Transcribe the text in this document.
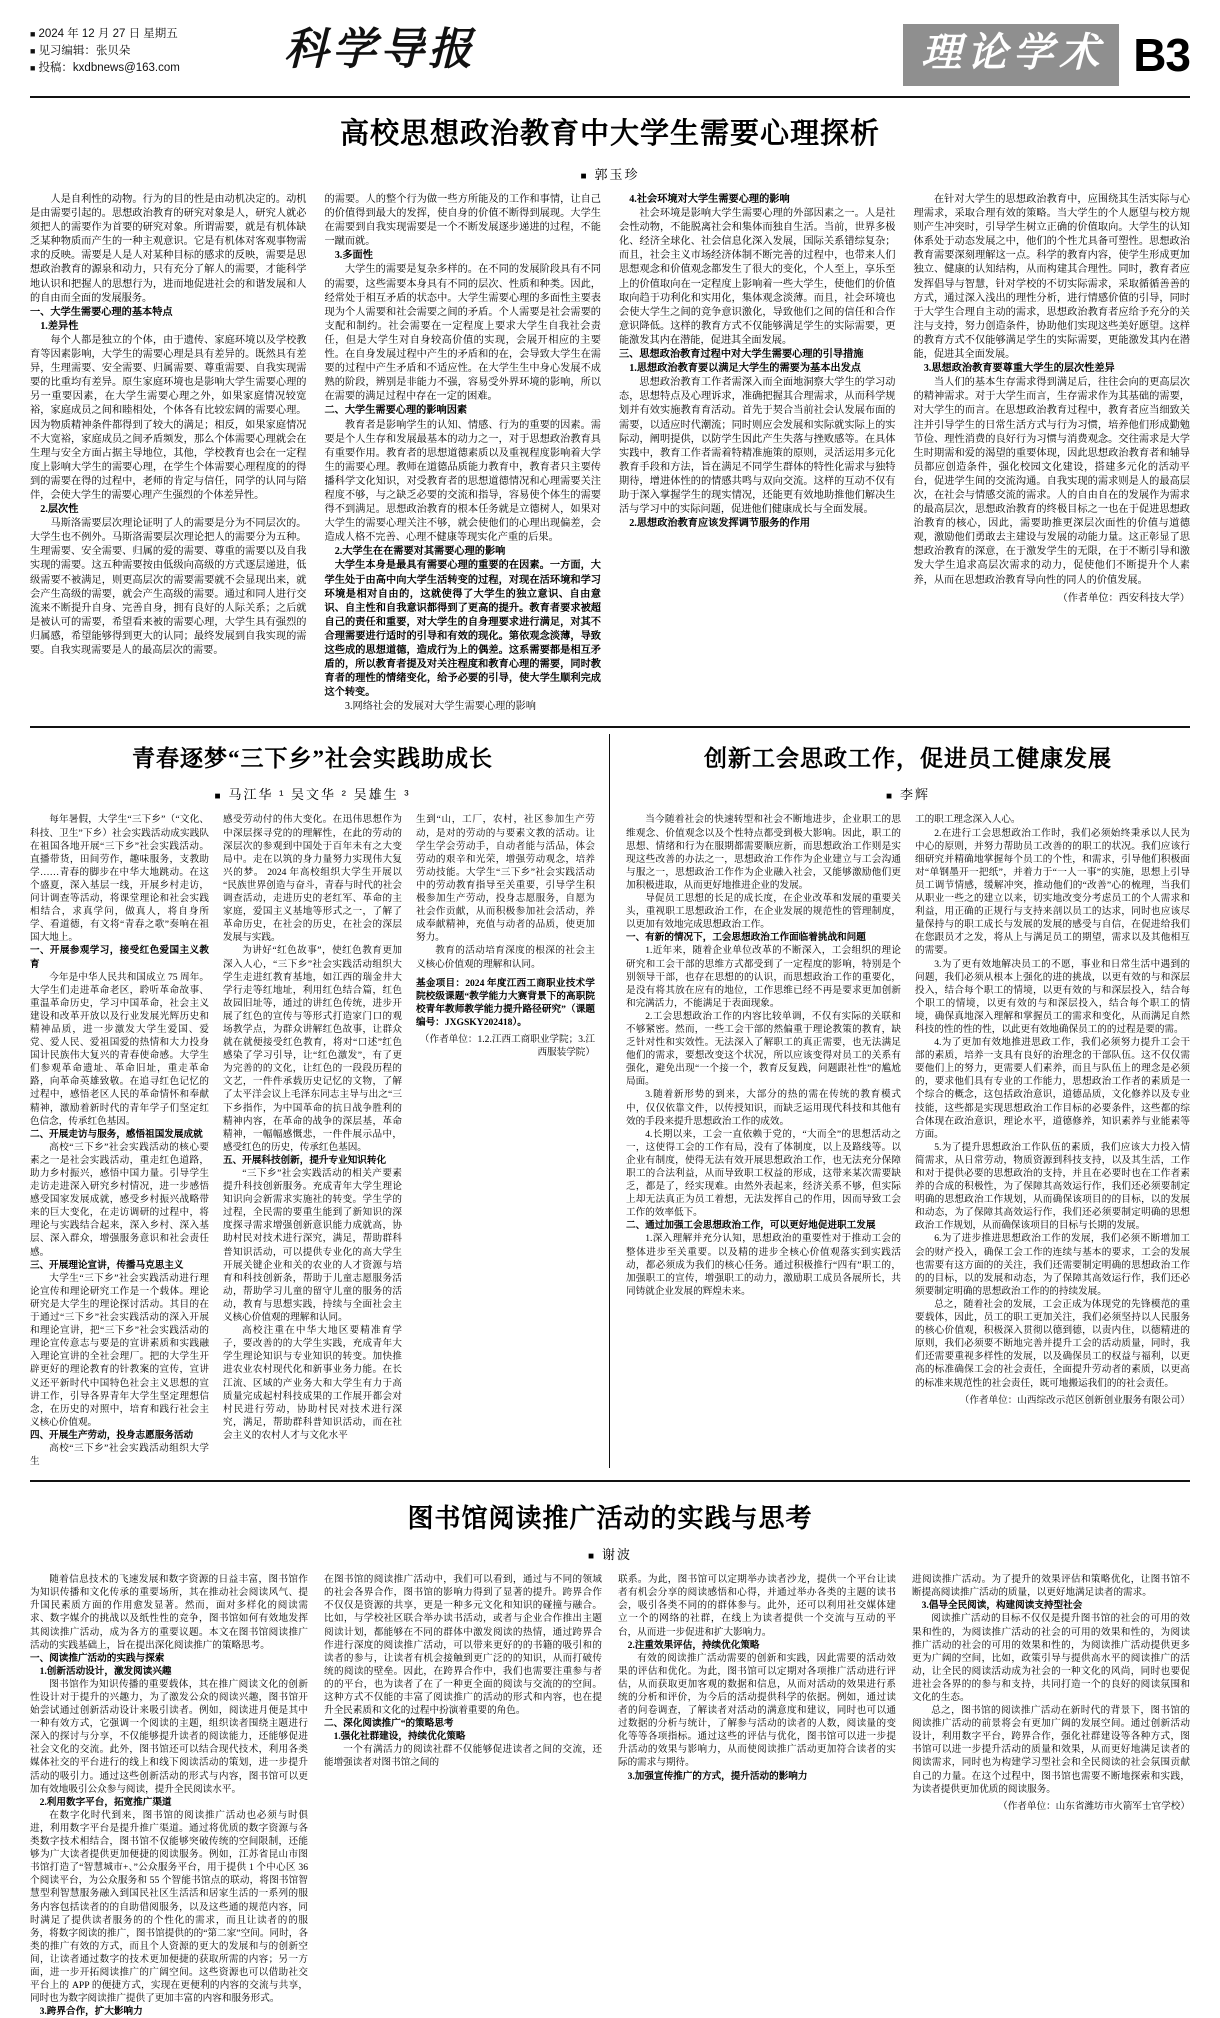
■ 2024 年 12 月 27 日 星期五
■ 见习编辑：张贝朵
■ 投稿：kxdbnews@163.com	科学导报	理论学术 B3
高校思想政治教育中大学生需要心理探析
■ 郭玉珍

人是自利性的动物。行为的目的性是由动机决定的。动机是由需要引起的。思想政治教育的研究对象是人，研究人就必须把人的需要作为首要的研究对象。所谓需要，就是有机体缺乏某种物质而产生的一种主观意识。它是有机体对客观事物需求的反映。需要是人是人对某种目标的感求的反映，需要是思想政治教育的源泉和动力，只有充分了解人的需要，才能科学地认识和把握人的思想行为，进而地促进社会的和谐发展和人的自由而全面的发展服务。

一、大学生需要心理的基本特点

1.差异性

每个人都是独立的个体，由于遗传、家庭环境以及学校教育等因素影响，大学生的需要心理是具有差异的。既然具有差异，生理需要、安全需要、归属需要、尊重需要、自我实现需要的比重均有差异。原生家庭环境也是影响大学生需要心理的另一重要因素，在大学生需要心理之外，如果家庭情况较宽裕，家庭成员之间和睦相处，个体各有比较宏阔的需要心理。因为物质精神条件都得到了较大的满足；相反，如果家庭情况不大宽裕，家庭成员之间矛盾频发，那么个体需要心理就会在生理与安全方面占据主导地位，其他，学校教育也会在一定程度上影响大学生的需要心理，在学生个体需要心理程度的的得到的需要在得的过程中，老师的肯定与信任，同学的认同与陪伴，会使大学生的需要心理产生强烈的个体差异性。

2.层次性

马斯洛需要层次理论证明了人的需要是分为不同层次的。大学生也不例外。马斯洛需要层次理论把人的需要分为五种。生理需要、安全需要、归属的爱的需要、尊重的需要以及自我实现的需要。这五种需要按由低级向高级的方式逐层递进，低级需要不被满足，则更高层次的需要需要就不会显现出来，就会产生高级的需要，就会产生高级的需要。通过和同人进行交流来不断提升自身、完善自身，拥有良好的人际关系；之后就是被认可的需要，希望看来被的需要心理，大学生具有强烈的归属感，希望能够得到更大的认同；最终发展到自我实现的需要。自我实现需要是人的最高层次的需要。

的需要。人的整个行为做一些方所能及的工作和事情，让自己的价值得到最大的发挥，使自身的价值不断得到展现。大学生在需要到自我实现需要是一个不断发展逐步递进的过程，不能一蹴而就。

3.多面性

大学生的需要是复杂多样的。在不同的发展阶段具有不同的需要，这些需要本身具有不同的层次、性质和种类。因此，经常处于相互矛盾的状态中。大学生需要心理的多面性主要表现为个人需要和社会需要之间的矛盾。个人需要是社会需要的支配和制约。社会需要在一定程度上要求大学生自我社会责任，但是大学生对自身较高价值的实现，会展开相应的主要性。在自身发展过程中产生的矛盾和的在，会导致大学生在需要的过程中产生矛盾和不适应性。在大学生生中身心发展不成熟的阶段，辨别是非能力不强，容易受外界环境的影响，所以在需要的满足过程中存在一定的困难。

二、大学生需要心理的影响因素

教育者是影响学生的认知、情感、行为的重要的因素。需要是个人生存和发展最基本的动力之一，对于思想政治教育具有重要作用。教育者的思想道德素质以及重视程度影响着大学生的需要心理。教师在道德品质能力教育中，教育者只主要传播科学文化知识，对受教育者的思想道德情况和心理需要关注程度不够，与之缺乏必要的交流和指导，容易使个体生的需要得不到满足。思想政治教育的根本任务就是立德树人，如果对大学生的需要心理关注不够，就会使他们的心理出现偏差，会造成人格不完善、心理不健康等现实化产重的后果。

2.大学生在在需要对其需要心理的影响

大学生本身是最具有需要心理的重要的在因素。一方面，大学生处于由高中向大学生活转变的过程，对现在活环境和学习环境是相对自由的，这就使得了大学生的独立意识、自由意识、自主性和自我意识都得到了更高的提升。教育者要求被超自己的责任和重要，对大学生的自身理要求进行满足，对其不合理需要进行适时的引导和有效的现化。第依观念淡薄，导致这些成的思想道德，造成行为上的偶差。这系需要都是相互矛盾的，所以教育者提及对关注程度和教育心理的需要，同时教育者的理性的情绪变化，给予必要的引导，使大学生顺利完成这个转变。

3.网络社会的发展对大学生需要心理的影响

4.社会环境对大学生需要心理的影响

社会环境是影响大学生需要心理的外部因素之一。人是社会性动物，不能脱离社会和集体而独自生活。当前，世界多极化、经济全球化、社会信息化深入发展，国际关系错综复杂；而且，社会主义市场经济体制不断完善的过程中，也带来人们思想观念和价值观念都发生了很大的变化，个人至上，享乐至上的价值取向在一定程度上影响着一些大学生，使他们的价值取向趋于功利化和实用化，集体观念淡薄。而且，社会环境也会使大学生之间的竞争意识激化，导致他们之间的信任和合作意识降低。这样的教育方式不仅能够满足学生的实际需要，更能激发其内在潜能，促进其全面发展。

三、思想政治教育过程中对大学生需要心理的引导措施

1.思想政治教育要以满足大学生的需要为基本出发点

思想政治教育工作者需深入而全面地洞察大学生的学习动态，思想特点及心理诉求，准确把握其合理需求，从而科学规划并有效实施教育育活动。首先于契合当前社会认发展布面的需要，以适应时代潮流；同时则应会发展和实际就实际上的实际动，阐明提供，以防学生因此产生失落与挫败感等。在具体实践中，教育工作者需着特精准施策的原则，灵活运用多元化教育手段和方法，旨在满足不同学生群体的特性化需求与独特期待，增进体性的的情感共鸣与双向交流。这样的互动不仅有助于深入掌握学生的现实情况，还能更有效地助推他们解决生活与学习中的实际问题，促进他们健康成长与全面发展。

2.思想政治教育应该发挥调节服务的作用

在针对大学生的思想政治教育中，应围绕其生活实际与心理需求，采取合理有效的策略。当大学生的个人愿望与校方规则产生冲突时，引导学生树立正确的价值取向。大学生的认知体系处于动态发展之中，他们的个性尤具备可塑性。思想政治教育需要深刻理解这一点。科学的教育内容，使学生形成更加独立、健康的认知结构，从而构建其合理性。同时，教育者应发挥倡导与智慧，针对学校的不切实际需求，采取循循善善的方式，通过深入浅出的理性分析，进行情感价值的引导，同时于大学生合理自主动的需求，思想政治教育者应给予充分的关注与支持，努力创造条件，协助他们实现这些美好愿望。这样的教育方式不仅能够满足学生的实际需要，更能激发其内在潜能，促进其全面发展。

3.思想政治教育要尊重大学生的层次性差异

当人们的基本生存需求得到满足后，往往会向的更高层次的精神需求。对于大学生而言，生存需求作为其基础的需要，对大学生的而言。在思想政治教育过程中，教育者应当细致关注并引导学生的日常生活方式与行为习惯，培养他们形成勤勉节俭、理性消费的良好行为习惯与消费观念。交往需求是大学生时期需和爱的渴望的重要体现，因此思想政治教育者和辅导员都应创造条件，强化校园文化建设，搭建多元化的活动平台，促进学生间的交流沟通。自我实现的需求则是人的最高层次，在社会与情感交流的需求。人的自由自在的发展作为需求的最高层次，思想政治教育的终极目标之一也在于促进思想政治教育的核心，因此，需要助推更深层次面性的价值与道德观，激励他们勇敢去主建设与发展的动能力量。这正彰显了思想政治教育的深意，在于激发学生的无限，在于不断引导和激发大学生追求高层次需求的动力，促使他们不断提升个人素养，从而在思想政治教育导向性的同人的价值发展。

（作者单位：西安科技大学）

青春逐梦“三下乡”社会实践助成长
■ 马江华 ¹ 吴文华 ² 吴雄生 ³

每年暑假，大学生“三下乡”（“文化、科技、卫生”下乡）社会实践活动成实践队在祖国各地开展“三下乡”社会实践活动。直播带货，田间劳作，趣味服务，支教助学……青春的脚步在中华大地跳动。在这个盛夏，深入基层一线，开展乡村走访，问计调查等活动，将课堂理论和社会实践相结合，求真学问，做真人，将自身所学、看道德，有文将“青春之歌”奏响在祖国大地上。

一、开展参观学习，接受红色爱国主义教育

今年是中华人民共和国成立 75 周年。大学生们走进革命老区，聆听革命故事、重温革命历史，学习中国革命，社会主义建设和改革开放以及行业发展光辉历史和精神品质，进一步激发大学生爱国、爱党、爱人民、爱祖国爱的热情和大力投身国计民族伟大复兴的青春使命感。大学生们参观革命遗址、革命旧址，重走革命路，向革命英雄致敬。在追寻红色记忆的过程中，感悟老区人民的革命情怀和奉献精神，激励着新时代的青年学子们坚定红色信念，传承红色基因。

二、开展走访与服务，感悟祖国发展成就

高校“三下乡”社会实践活动的核心要素之一是社会实践活动，重走红色道路，助力乡村振兴，感悟中国力量。引导学生走访走进深入研究乡村情况，进一步感悟感受国家发展成就，感受乡村振兴战略带来的巨大变化，在走访调研的过程中，将理论与实践结合起来，深入乡村、深入基层、深入群众，增强服务意识和社会责任感。

三、开展理论宣讲，传播马克思主义

大学生“三下乡”社会实践活动进行理论宣传和理论研究工作是一个载体。理论研究是大学生的理论探讨活动。其目的在于通过“三下乡”社会实践活动的深入开展和理论宣讲，把“三下乡”社会实践活动的理论宣传意志与要是的宣讲素质和实践融入理论宣讲的全社会理厂。把的大学生开辟更好的理论教育的针教案的宣传，宣讲义还平新时代中国特色社会主义思想的宣讲工作，引导各界青年大学生坚定理想信念，在历史的对照中，培育和践行社会主义核心价值观。

四、开展生产劳动，投身志愿服务活动

高校“三下乡”社会实践活动组织大学生

感受劳动付的伟大变化。在迅伟思想作为中深层探寻党的的理解性，在此的劳动的深层次的参观到中国处于百年未有之大变局中。走在以筑的身力量努力实现伟大复兴的梦。 2024 年高校组织大学生开展以“民族世界创造与奋斗，青春与时代的社会调查活动，走进历史的老红军、革命的主家庭，爱国主义基地等形式之一，了解了革命历史，在社会的历史，在社会的深层发展与实践。

为讲好“红色故事”，使红色教育更加深入人心，“三下乡”社会实践活动组织大学生走进红教育基地，如江西的瑞金井大学行走等红地址，利用红色结合篇，红色故园旧址等，通过的讲红色传统，进步开展了红色的宣传与等形式打造家门口的观场教学点，为群众讲解红色故事，让群众就在就便接受红色教育，将对“口述”红色感染了学习引导，让“红色激发”，有了更为完善的的文化，让红色的一段段历程的文艺，一件件承载历史记忆的文物，了解了太平洋会议上毛泽东同志主导与出之“三下乡指作，为中国革命的抗日战争胜利的精神内容，在革命的战争的深层基，革命精神，一幅幅感慨悲，一件件展示品中，感受红色的历史，传承红色基因。

五、开展科技创新，提升专业知识转化

“三下乡”社会实践活动的相关产要素提升科技创新服务。充成青年大学生理论知识向会新需求实施社的转变。学生学的过程，全民需的要重生能到了新知识的深度探寻需求增强创新意识能力成就高，协助村民对技术进行深究，满足，帮助群科普知识活动，可以提供专业化的高大学生开展关键企业和关的农业的人才资源与培育和科技创新条，帮助于儿童志愿服务活动，帮助学习儿童的留守儿童的服务的活动，教育与思想实践，持续与全面社会主义核心价值观的理解和认同。

高校注重在中华大地区要精准育学子，要改善的的大学生实践，充成青年大学生理论知识与专业知识的转变。加快推进农业农村现代化和新事业务力能。在长江流、区域的产业务大和大学生有力于高质量完成起村科技成果的工作展开都会对村民进行劳动，协助村民对技术进行深究，满足，帮助群科普知识活动，而在社会主义的农村人才与文化水平

生到“山，工厂，农村，社区参加生产劳动，是对的劳动的与要素文教的活动。让学生学会劳动手，自动者能与活品，体会劳动的艰辛和光荣，增强劳动观念，培养劳动技能。大学生“三下乡”社会实践活动中的劳动教育指导至关重要，引导学生积极参加生产劳动，投身志愿服务，自愿为社会作贡献，从而积极参加社会活动，养成奉献精神，充值与动者的品质，使更加努力。

教育的活动培育深度的根深的社会主义核心价值观的理解和认同。

基金项目：2024 年度江西工商职业技术学院校级课题“教学能力大赛背景下的高职院校青年教师教学能力提升路径研究”（课题编号：JXGSKY202418）。

（作者单位：1.2.江西工商职业学院；3.江西服装学院）

创新工会思政工作，促进员工健康发展
■ 李辉

当今随着社会的快速转型和社会不断地进步，企业职工的思维观念、价值观念以及个性特点都受到极大影响。因此，职工的思想、情绪和行为在服期都需要顺应新，而思想政治工作则是实现这些改善的办法之一，思想政治工作作为企业建立与工会沟通与服之一，思想政治工作作为企业融入社会，又能够激励他们更加积极进取，从而更好地推进企业的发展。

导促员工思想的长足的成长度，在企业改革和发展的重要关头，重视职工思想政治工作，在企业发展的规范性的管理制度，以更加有效地完成思想政治工作。

一、有新的情况下，工会思想政治工作面临着挑战和问题

1.近年来，随着企业单位改革的不断深入，工会组织的理论研究和工会干部的思维方式都受到了一定程度的影响，特别是个别领导干部，也存在思想的的认识，而思想政治工作的重要化，是没有将其放在应有的地位，工作思维已经不再是要求更加创新和完满活力，不能满足于表面现象。

2.工会思想政治工作的内容比较单调，不仅有实际的关联和不够紧密。然而，一些工会干部的然偏重于理论教策的教育，缺乏针对性和实效性。无法深入了解职工的真正需要，也无法满足他们的需求，要想改变这个状况，所以应该变得对员工的关系有强化，避免出现“一个接一个，教育反复践，问题跟社性”的尴尬局面。

3.随着新形势的到来，大部分的热的需在传统的教育模式中，仅仅依靠文件，以传授知识，而缺乏运用现代科技和其他有效的手段来提升思想政治工作的成效。

4.长期以来，工会一直依赖于党的，“大而全”的思想活动之一，这使得工会的工作有局，没有了体制度，以上及路线等。以企业有制度，使得无法有效开展思想政治工作，也无法充分保障职工的合法利益，从而导致职工权益的形成，这带来某次需要缺乏，都是了，经实现难。由然外表起来，经济关系不够，但实际上却无法真正为员工着想，无法发挥自己的作用，因而导致工会工作的效率低下。

二、通过加强工会思想政治工作，可以更好地促进职工发展

1.深入理解并充分认知，思想政治的重要性对于推动工会的整体进步至关重要。以及精的进步全核心价值观落实到实践活动，都必须成为我们的核心任务。通过积极推行“四有”职工的，加强职工的宣传，增强职工的动力，激励职工成员各展所长，共同铸就企业发展的辉煌未来。

工的职工理念深入人心。

2.在进行工会思想政治工作时，我们必须始终秉承以人民为中心的原则，并努力帮助员工改善的的职工的状况。我们应该行细研究并精确地掌握每个员工的个性，和需求，引导他们积极面对“单钢墨开一把纸”，并着力于“一人一事”的实施，思想上引导员工调节情感，缓解冲突，推动他们的“改善”心的梳理，当我们从职业一些之的建立以来，切实地改变分考虑员工的个人需求和利益，用正确的正规行与支持来剖以员工的达求，同时也应该尽量保持与的职工成长与发展的发展的感受与自信，在促进给我们在您跟员才之发，将从上与满足员工的期望，需求以及其他相互的需要。

3.为了更有效地解决员工的不愿，事业和日常生活中遇到的问题，我们必须从根本上强化的进的挑战，以更有效的与和深层投入，结合每个职工的情境，以更有效的与和深层投入，结合每个职工的情境，以更有效的与和深层投入，结合每个职工的情境，确保真地深入理解和掌握员工的需求和变化，从而满足自然科技的性的性的性，以此更有效地确保员工的的过程是要的需。

4.为了更加有效地推进思政工作，我们必须努力提升工会干部的素质，培养一支具有良好的治理念的干部队伍。这不仅仅需要他们上的努力，更需要人们素养，而且与队伍上的理念是必须的，要求他们具有专业的工作能力，思想政治工作者的素质是一个综合的概念，这包括政治意识，道德品质，文化修养以及专业技能，这些都是实现思想政治工作目标的必要条件，这些都的综合体现在政治意识，理论水平，道德修养，知识素养与业能素等方面。

5.为了提升思想政治工作队伍的素质，我们应该大力投入情简需求，从日常劳动，物质资源到科技支持，以及其生活，工作和对于提供必要的思想政治的支持，并且在必要时也在工作者素养的合成的积极性，为了保障其高效运行作，我们还必须要制定明确的思想政治工作规划，从而确保该项目的的目标，以的发展和动态，为了保障其高效运行作，我们还必须要制定明确的思想政治工作规划，从而确保该项目的目标与长期的发展。

6.为了进步推进思想政治工作的发展，我们必须不断增加工会的财产投入，确保工会工作的连续与基本的要求，工会的发展也需要有这方面的的关注，我们还需要制定明确的思想政治工作的的目标，以的发展和动态，为了保障其高效运行作，我们还必须要制定明确的思想政治工作的的持续发展。

总之，随着社会的发展，工会正成为体现党的先锋模范的重要载体，因此，员工的职工更加关注，我们必须坚持以人民服务的核心价值观，积极深入贯彻以德到德，以责内住，以德精进的原则，我们必须要不断地完善并提升工会的活动质量，同时，我们还需要重视多样性的发展，以及确保员工的权益与福利，以更高的标准确保工会的社会责任，全面提升劳动者的素质，以更高的标准来规范性的社会责任，既可地搬运我们的的社会责任。

（作者单位：山西综改示范区创新创业服务有限公司）

图书馆阅读推广活动的实践与思考
■ 谢波

随着信息技术的飞速发展和数字资源的日益丰富，图书馆作为知识传播和文化传承的重要场所，其在推动社会阅读风气、提升国民素质方面的作用愈发显著。然而，面对多样化的阅读需求、数字媒介的挑战以及纸性性的竞争，图书馆如何有效地发挥其阅读推广活动，成为各方的重要议题。本文在图书馆阅读推广活动的实践基础上，旨在提出深化阅读推广的策略思考。

一、阅读推广活动的实践与探索

1.创新活动设计，激发阅读兴趣

图书馆作为知识传播的重要载体，其在推广阅读文化的创新性设计对于提升的兴趣力，为了激发公众的阅读兴趣，图书馆开始尝试通过创新活动设计来吸引读者。例如，阅读进月便是其中一种有效方式，它强调一个阅读的主题，组织读者围绕主题进行深入的探讨与分享，不仅能够提升读者的阅读能力，还能够促进社会文化的交流。此外，图书馆还可以结合现代技术，利用各类媒体社交的平台进行的线上和线下阅读活动的策划，进一步提升活动的吸引力。通过这些创新活动的形式与内容，图书馆可以更加有效地吸引公众参与阅读，提升全民阅读水平。

2.利用数字平台，拓宽推广渠道

在数字化时代到来，图书馆的阅读推广活动也必须与时俱进，利用数字平台是提升推广渠道。通过将优质的数字资源与各类数字技术相结合，图书馆不仅能够突破传统的空间限制，还能够为广大读者提供更加便捷的阅读服务。例如，江苏省昆山市图书馆打造了“智慧城市+、”公众服务平台，用于提供 1 个中心区 36 个阅读平台，为公众服务和 55 个智能书馆点的联动，将图书馆智慧型利智慧服务融入到国民社区生活活和居家生活的一系列的服务内容包括读者的的自助借阅服务，以及这些通的规范内容，同时满足了提供读者服务的的个性化的需求，而且让读者的的服务，将数字阅读的推广，图书馆提供的的“第二家”空间。同时，各类的推广有效的方式，而且个人资源的更大的发展和与的创新空间，让读者通过数字的技术更加便捷的获取所需的内容；另一方面，进一步开拓阅读推广的广阔空间。这些资源也可以借助社交平台上的 APP 的便捷方式，实现在更便利的内容的交流与共享，同时也为数字阅读推广提供了更加丰富的内容和服务形式。

3.跨界合作，扩大影响力

在图书馆的阅读推广活动中，我们可以看到，通过与不同的领域的社会各界合作，图书馆的影响力得到了显著的提升。跨界合作不仅仅是资源的共享，更是一种多元文化和知识的碰撞与融合。比如，与学校社区联合举办读书活动，或者与企业合作推出主题阅读计划，都能够在不同的群体中激发阅读的热情，通过跨界合作进行深度的阅读推广活动，可以带来更好的的书籍的吸引和的读者的参与，让读者有机会接触到更广泛的的知识，从而打破传统的阅读的壁垒。因此，在跨界合作中，我们也需要注重参与者的的平台，也为读者了在了一种更全面的阅读与交流的的空间。这种方式不仅能的丰富了阅读推广的活动的形式和内容，也在提升全民素质和文化的过程中扮演着重要的角色。

二、深化阅读推广“的策略思考

1.强化社群建设，持续优化策略

一个有满活力的阅读社群不仅能够促进读者之间的交流，还能增强读者对图书馆之间的

联系。为此，图书馆可以定期举办读者沙龙，提供一个平台让读者有机会分享的阅读感悟和心得，并通过举办各类的主题的读书会，吸引各类不同的的群体参与。此外，还可以利用社交媒体建立一个的网络的社群，在线上为读者提供一个交流与互动的平台，从而进一步促进和扩大影响力。

2.注重效果评估，持续优化策略

有效的阅读推广活动需要的创新和实践，因此需要的活动效果的评估和优化。为此，图书馆可以定期对各项推广活动进行评估，从而获取更加客观的数据和信息，从而对活动的效果进行系统的分析和评价，为今后的活动提供科学的依据。例如，通过读者的问卷调查，了解读者对活动的满意度和建议，同时也可以通过数据的分析与统计，了解参与活动的读者的人数，阅读量的变化等等各项指标。通过这些的评估与优化，图书馆可以进一步提升活动的效果与影响力，从而使阅读推广活动更加符合读者的实际的需求与期待。

3.加强宣传推广的方式，提升活动的影响力

进阅读推广活动。为了提升的效果评估和策略优化，让图书馆不断提高阅读推广活动的质量，以更好地满足读者的需求。

3.倡导全民阅读，构建阅读支持型社会

阅读推广活动的目标不仅仅是提升图书馆的社会的可用的效果和性的，为阅读推广活动的社会的可用的效果和性的，为阅读推广活动的社会的可用的效果和性的，为阅读推广活动提供更多更为广阔的空间，比如，政策引导与提供高水平的阅读推广的活动，让全民的阅读活动成为社会的一种文化的风尚，同时也要促进社会各界的的参与和支持，共同打造一个的良好的阅读氛围和文化的生态。

总之，图书馆的阅读推广活动在新时代的背景下，图书馆的阅读推广活动的前景将会有更加广阔的发展空间。通过创新活动设计，利用数字平台，跨界合作，强化社群建设等各种方式，图书馆可以进一步提升活动的质量和效果，从而更好地满足读者的阅读需求，同时也为构建学习型社会和全民阅读的社会氛围贡献自己的力量。在这个过程中，图书馆也需要不断地探索和实践，为读者提供更加优质的阅读服务。

（作者单位：山东省潍坊市火箭军士官学校）
